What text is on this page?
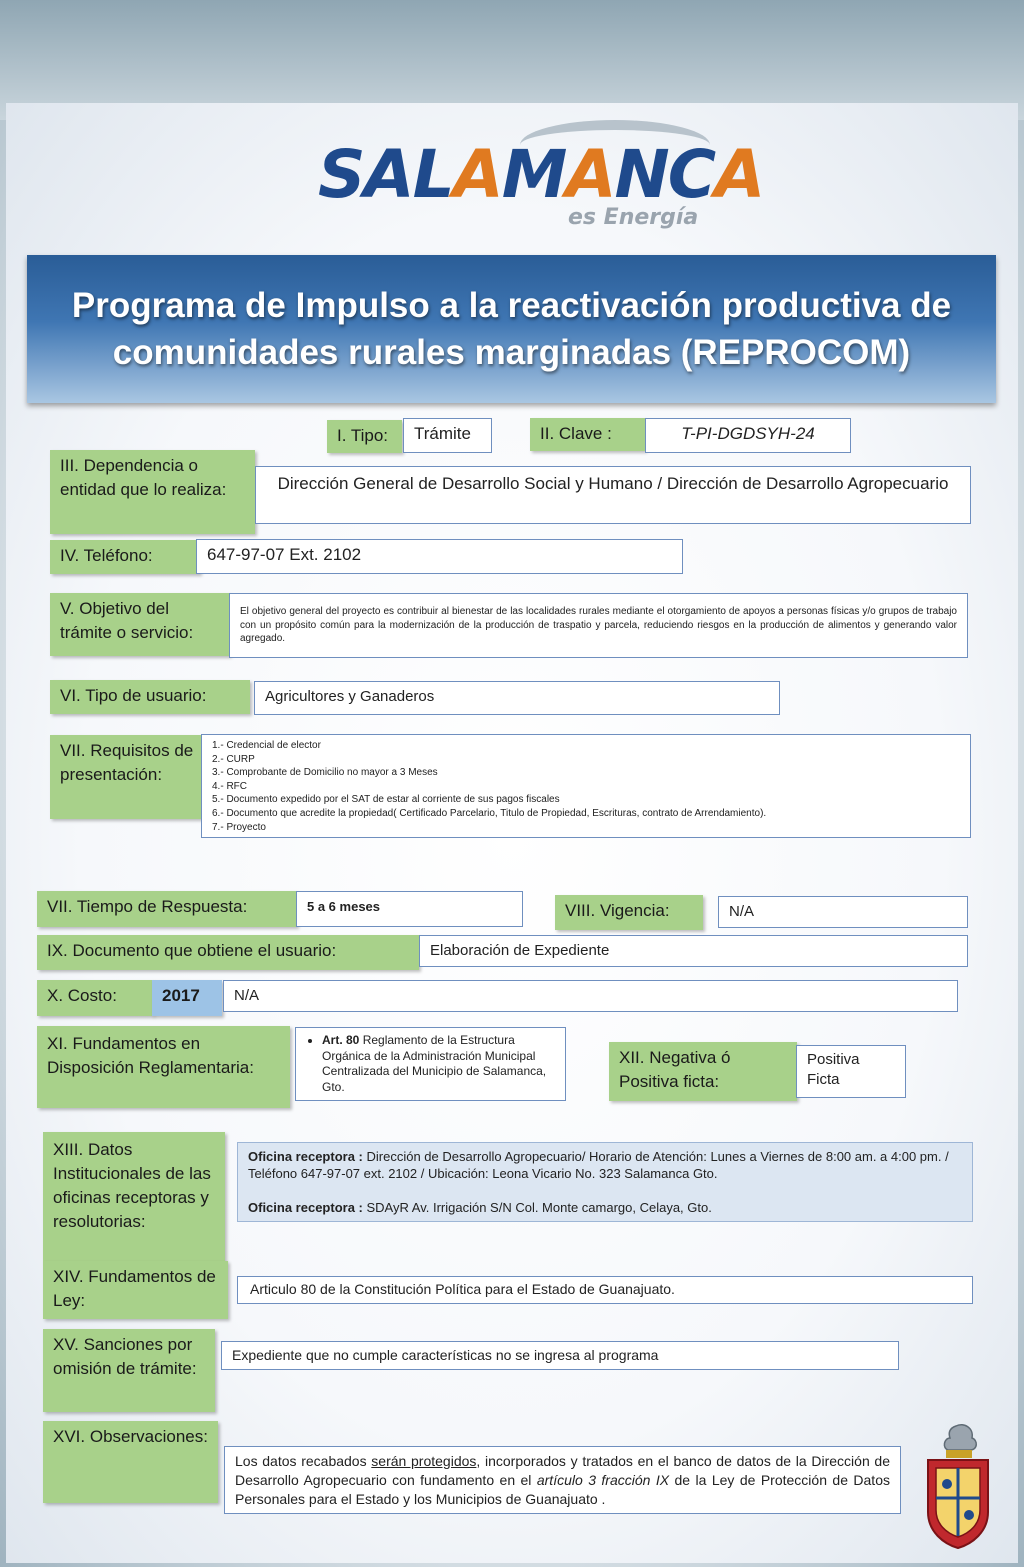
SALAMANCA
es Energía
Programa de Impulso a la reactivación productiva de comunidades rurales marginadas (REPROCOM)
I. Tipo:	Trámite	II. Clave :	T-PI-DGDSYH-24
III. Dependencia o entidad que lo realiza:	Dirección General de Desarrollo Social y Humano / Dirección de Desarrollo Agropecuario
IV. Teléfono:	647-97-07 Ext. 2102
V. Objetivo del trámite o servicio:
El objetivo general del proyecto es contribuir al bienestar de las localidades rurales mediante el otorgamiento de apoyos a personas físicas y/o grupos de trabajo con un propósito común para la modernización de la producción de traspatio y parcela, reduciendo riesgos en la producción de alimentos y generando valor agregado.
VI. Tipo de usuario:	Agricultores y Ganaderos
VII. Requisitos de presentación:
1.- Credencial de elector
2.- CURP
3.- Comprobante de Domicilio no mayor a 3 Meses
4.- RFC
5.- Documento expedido por el SAT de estar al corriente de sus pagos fiscales
6.- Documento que acredite la propiedad( Certificado Parcelario, Titulo de Propiedad, Escrituras, contrato de Arrendamiento).
7.- Proyecto
VII. Tiempo de Respuesta:	5 a 6 meses	VIII. Vigencia:	N/A
IX. Documento que obtiene el usuario:	Elaboración de Expediente
X. Costo:	2017	N/A
XI. Fundamentos en Disposición Reglamentaria:
• Art. 80 Reglamento de la Estructura Orgánica de la Administración Municipal Centralizada del Municipio de Salamanca, Gto.
XII. Negativa ó Positiva ficta:
Positiva Ficta
XIII. Datos Institucionales de las oficinas receptoras y resolutorias:
Oficina receptora : Dirección de Desarrollo Agropecuario/ Horario de Atención: Lunes a Viernes de 8:00 am. a 4:00 pm. / Teléfono 647-97-07 ext. 2102 / Ubicación: Leona Vicario No. 323 Salamanca Gto.
Oficina receptora : SDAyR Av. Irrigación S/N Col. Monte camargo, Celaya, Gto.
XIV. Fundamentos de Ley:
Articulo 80 de la Constitución Política para el Estado de Guanajuato.
XV. Sanciones por omisión de trámite:
Expediente que no cumple características no se ingresa al programa
XVI. Observaciones:
Los datos recabados serán protegidos, incorporados y tratados en el banco de datos de la Dirección de Desarrollo Agropecuario con fundamento en el artículo 3 fracción IX de la Ley de Protección de Datos Personales para el Estado y los Municipios de Guanajuato .
